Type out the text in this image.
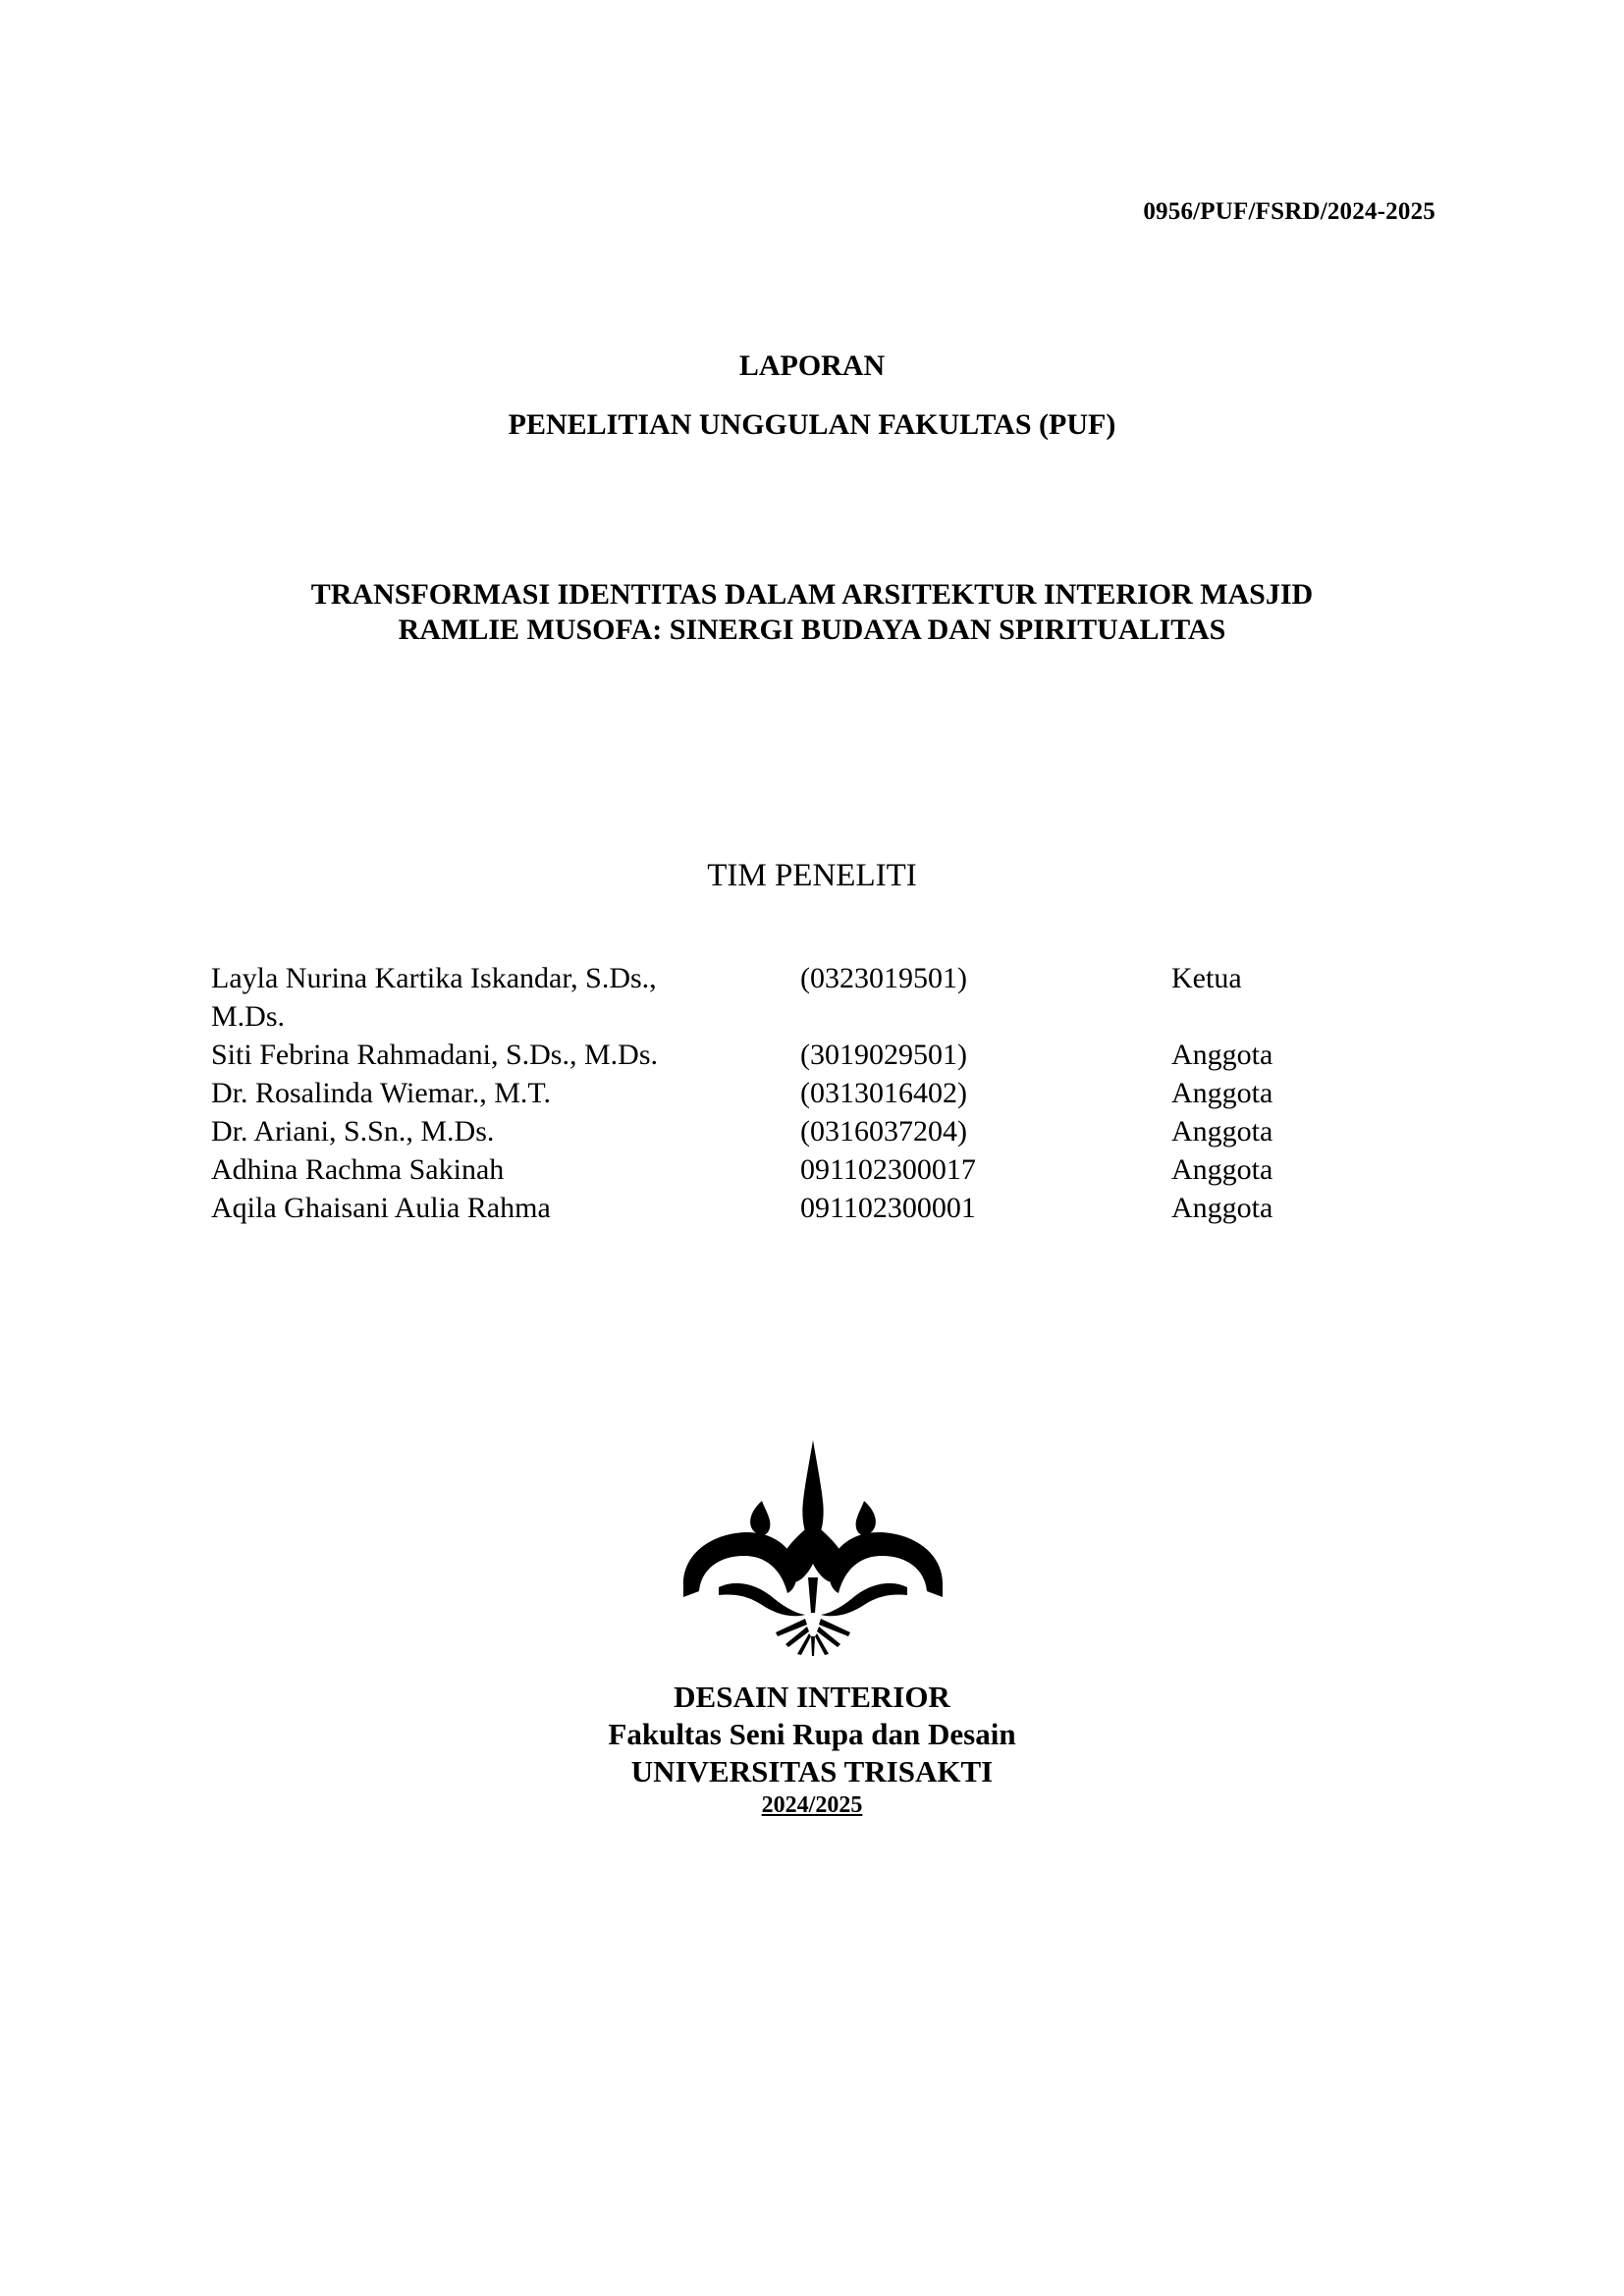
0956/PUF/FSRD/2024-2025
LAPORAN
PENELITIAN UNGGULAN FAKULTAS (PUF)
TRANSFORMASI IDENTITAS DALAM ARSITEKTUR INTERIOR MASJID
RAMLIE MUSOFA: SINERGI BUDAYA DAN SPIRITUALITAS
TIM PENELITI
Layla Nurina Kartika Iskandar, S.Ds.,	(0323019501)	Ketua
M.Ds.
Siti Febrina Rahmadani, S.Ds., M.Ds.	(3019029501)	Anggota
Dr. Rosalinda Wiemar., M.T.	(0313016402)	Anggota
Dr. Ariani, S.Sn., M.Ds.	(0316037204)	Anggota
Adhina Rachma Sakinah	091102300017	Anggota
Aqila Ghaisani Aulia Rahma	091102300001	Anggota
DESAIN INTERIOR
Fakultas Seni Rupa dan Desain
UNIVERSITAS TRISAKTI
2024/2025
